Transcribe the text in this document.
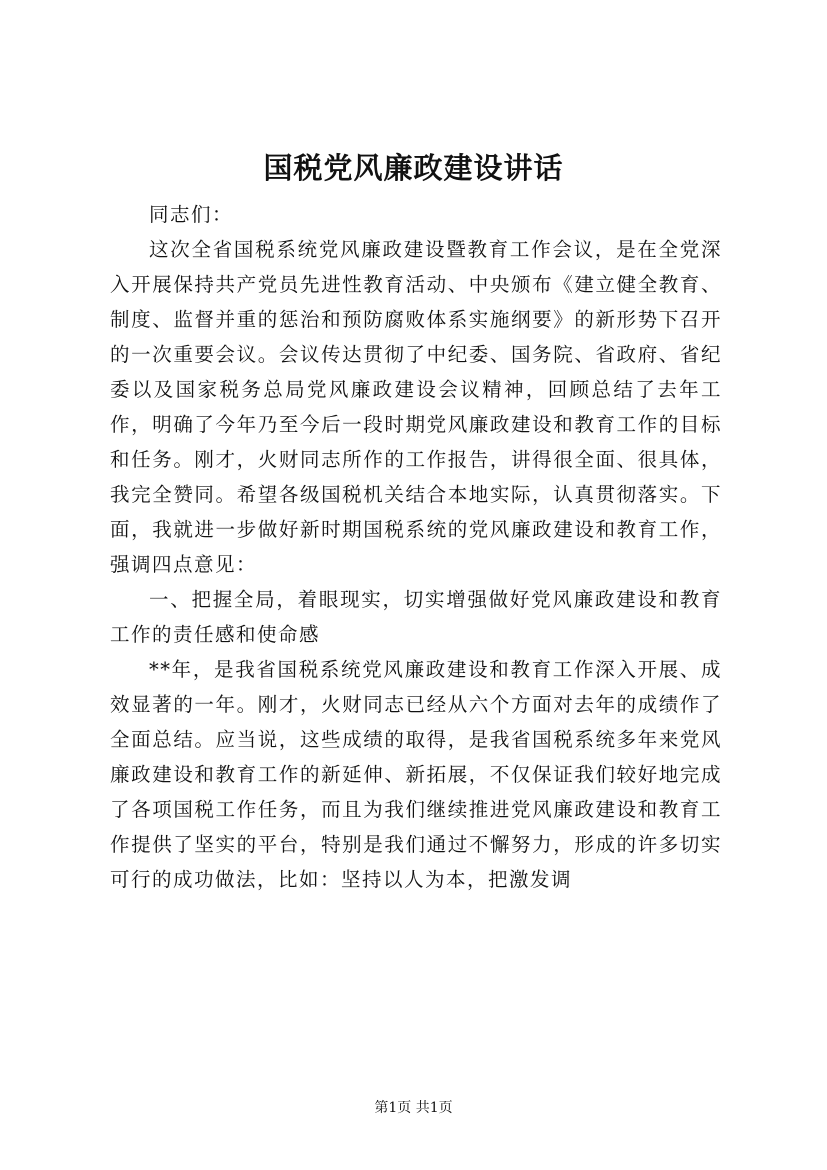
国税党风廉政建设讲话

同志们：

这次全省国税系统党风廉政建设暨教育工作会议，是在全党深入开展保持共产党员先进性教育活动、中央颁布《建立健全教育、制度、监督并重的惩治和预防腐败体系实施纲要》的新形势下召开的一次重要会议。会议传达贯彻了中纪委、国务院、省政府、省纪委以及国家税务总局党风廉政建设会议精神，回顾总结了去年工作，明确了今年乃至今后一段时期党风廉政建设和教育工作的目标和任务。刚才，火财同志所作的工作报告，讲得很全面、很具体，我完全赞同。希望各级国税机关结合本地实际，认真贯彻落实。下面，我就进一步做好新时期国税系统的党风廉政建设和教育工作，强调四点意见：

一、把握全局，着眼现实，切实增强做好党风廉政建设和教育工作的责任感和使命感

**年，是我省国税系统党风廉政建设和教育工作深入开展、成效显著的一年。刚才，火财同志已经从六个方面对去年的成绩作了全面总结。应当说，这些成绩的取得，是我省国税系统多年来党风廉政建设和教育工作的新延伸、新拓展，不仅保证我们较好地完成了各项国税工作任务，而且为我们继续推进党风廉政建设和教育工作提供了坚实的平台，特别是我们通过不懈努力，形成的许多切实可行的成功做法，比如：坚持以人为本，把激发调

第1页 共1页
